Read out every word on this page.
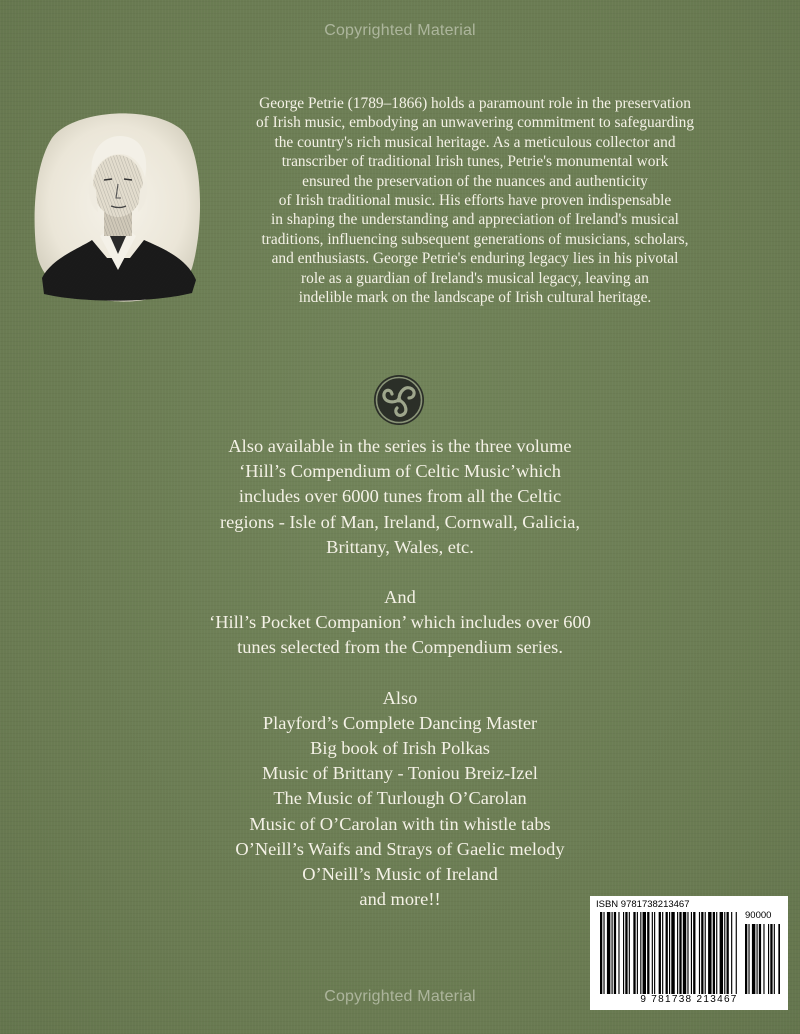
Copyrighted Material
George Petrie (1789–1866) holds a paramount role in the preservation
of Irish music, embodying an unwavering commitment to safeguarding
the country's rich musical heritage. As a meticulous collector and
transcriber of traditional Irish tunes, Petrie's monumental work
ensured the preservation of the nuances and authenticity
of Irish traditional music. His efforts have proven indispensable
in shaping the understanding and appreciation of Ireland's musical
traditions, influencing subsequent generations of musicians, scholars,
and enthusiasts. George Petrie's enduring legacy lies in his pivotal
role as a guardian of Ireland's musical legacy, leaving an
indelible mark on the landscape of Irish cultural heritage.

Also available in the series is the three volume
‘Hill’s Compendium of Celtic Music’which
includes over 6000 tunes from all the Celtic
regions - Isle of Man, Ireland, Cornwall, Galicia,
Brittany, Wales, etc.

And
‘Hill’s Pocket Companion’ which includes over 600
tunes selected from the Compendium series.

Also
Playford’s Complete Dancing Master
Big book of Irish Polkas
Music of Brittany - Toniou Breiz-Izel
The Music of Turlough O’Carolan
Music of O’Carolan with tin whistle tabs
O’Neill’s Waifs and Strays of Gaelic melody
O’Neill’s Music of Ireland
and more!!

Copyrighted Material
ISBN 9781738213467
90000
9 781738 213467
